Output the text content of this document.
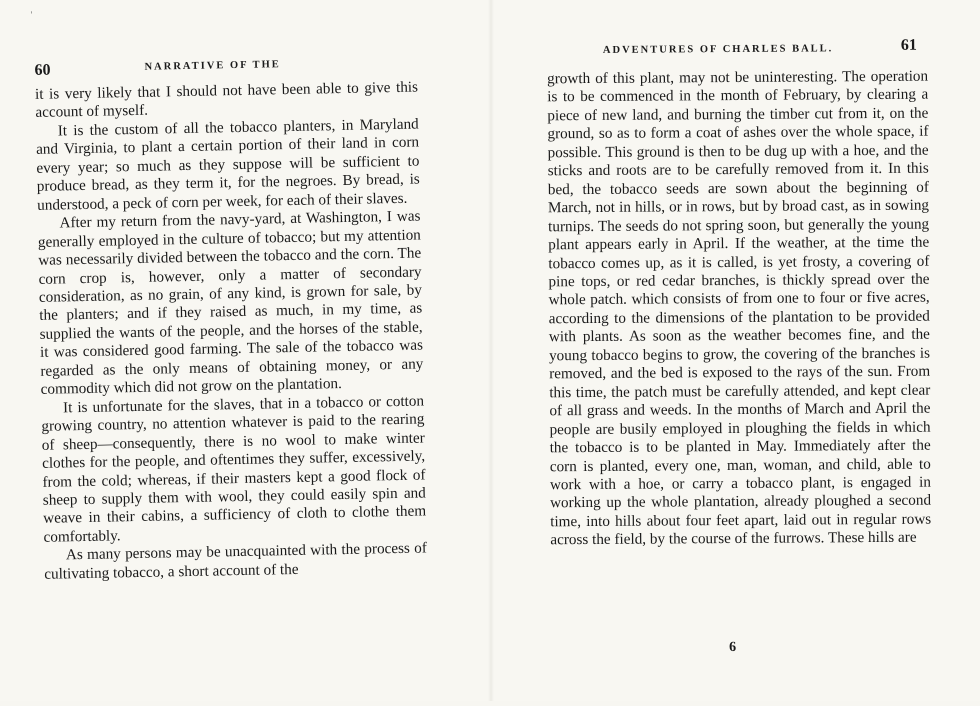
'
60	NARRATIVE OF THE

it is very likely that I should not have been able to give this account of myself.

It is the custom of all the tobacco planters, in Maryland and Virginia, to plant a certain portion of their land in corn every year; so much as they suppose will be sufficient to produce bread, as they term it, for the negroes. By bread, is understood, a peck of corn per week, for each of their slaves.

After my return from the navy-yard, at Washington, I was generally employed in the culture of tobacco; but my attention was necessarily divided between the tobacco and the corn. The corn crop is, however, only a matter of secondary consideration, as no grain, of any kind, is grown for sale, by the planters; and if they raised as much, in my time, as supplied the wants of the people, and the horses of the stable, it was considered good farming. The sale of the tobacco was regarded as the only means of obtaining money, or any commodity which did not grow on the plantation.

It is unfortunate for the slaves, that in a tobacco or cotton growing country, no attention whatever is paid to the rearing of sheep—consequently, there is no wool to make winter clothes for the people, and oftentimes they suffer, excessively, from the cold; whereas, if their masters kept a good flock of sheep to supply them with wool, they could easily spin and weave in their cabins, a sufficiency of cloth to clothe them comfortably.

As many persons may be unacquainted with the process of cultivating tobacco, a short account of the

ADVENTURES OF CHARLES BALL.	61

growth of this plant, may not be uninteresting. The operation is to be commenced in the month of February, by clearing a piece of new land, and burning the timber cut from it, on the ground, so as to form a coat of ashes over the whole space, if possible. This ground is then to be dug up with a hoe, and the sticks and roots are to be carefully removed from it. In this bed, the tobacco seeds are sown about the beginning of March, not in hills, or in rows, but by broad cast, as in sowing turnips. The seeds do not spring soon, but generally the young plant appears early in April. If the weather, at the time the tobacco comes up, as it is called, is yet frosty, a covering of pine tops, or red cedar branches, is thickly spread over the whole patch. which consists of from one to four or five acres, according to the dimensions of the plantation to be provided with plants. As soon as the weather becomes fine, and the young tobacco begins to grow, the covering of the branches is removed, and the bed is exposed to the rays of the sun. From this time, the patch must be carefully attended, and kept clear of all grass and weeds. In the months of March and April the people are busily employed in ploughing the fields in which the tobacco is to be planted in May. Immediately after the corn is planted, every one, man, woman, and child, able to work with a hoe, or carry a tobacco plant, is engaged in working up the whole plantation, already ploughed a second time, into hills about four feet apart, laid out in regular rows across the field, by the course of the furrows. These hills are

6
